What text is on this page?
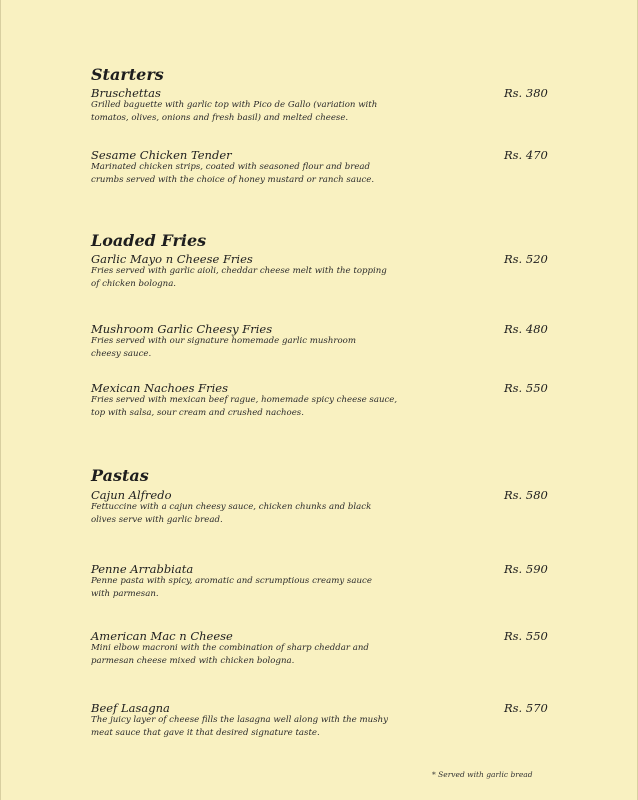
Starters
Bruschettas	Rs. 380
Grilled baguette with garlic top with Pico de Gallo (variation with
tomatos, olives, onions and fresh basil) and melted cheese.
Sesame Chicken Tender	Rs. 470
Marinated chicken strips, coated with seasoned flour and bread
crumbs served with the choice of honey mustard or ranch sauce.
Loaded Fries
Garlic Mayo n Cheese Fries	Rs. 520
Fries served with garlic aioli, cheddar cheese melt with the topping
of chicken bologna.
Mushroom Garlic Cheesy Fries	Rs. 480
Fries served with our signature homemade garlic mushroom
cheesy sauce.
Mexican Nachoes Fries	Rs. 550
Fries served with mexican beef rague, homemade spicy cheese sauce,
top with salsa, sour cream and crushed nachoes.
Pastas
Cajun Alfredo	Rs. 580
Fettuccine with a cajun cheesy sauce, chicken chunks and black
olives serve with garlic bread.
Penne Arrabbiata	Rs. 590
Penne pasta with spicy, aromatic and scrumptious creamy sauce
with parmesan.
American Mac n Cheese	Rs. 550
Mini elbow macroni with the combination of sharp cheddar and
parmesan cheese mixed with chicken bologna.
Beef Lasagna	Rs. 570
The juicy layer of cheese fills the lasagna well along with the mushy
meat sauce that gave it that desired signature taste.
* Served with garlic bread
